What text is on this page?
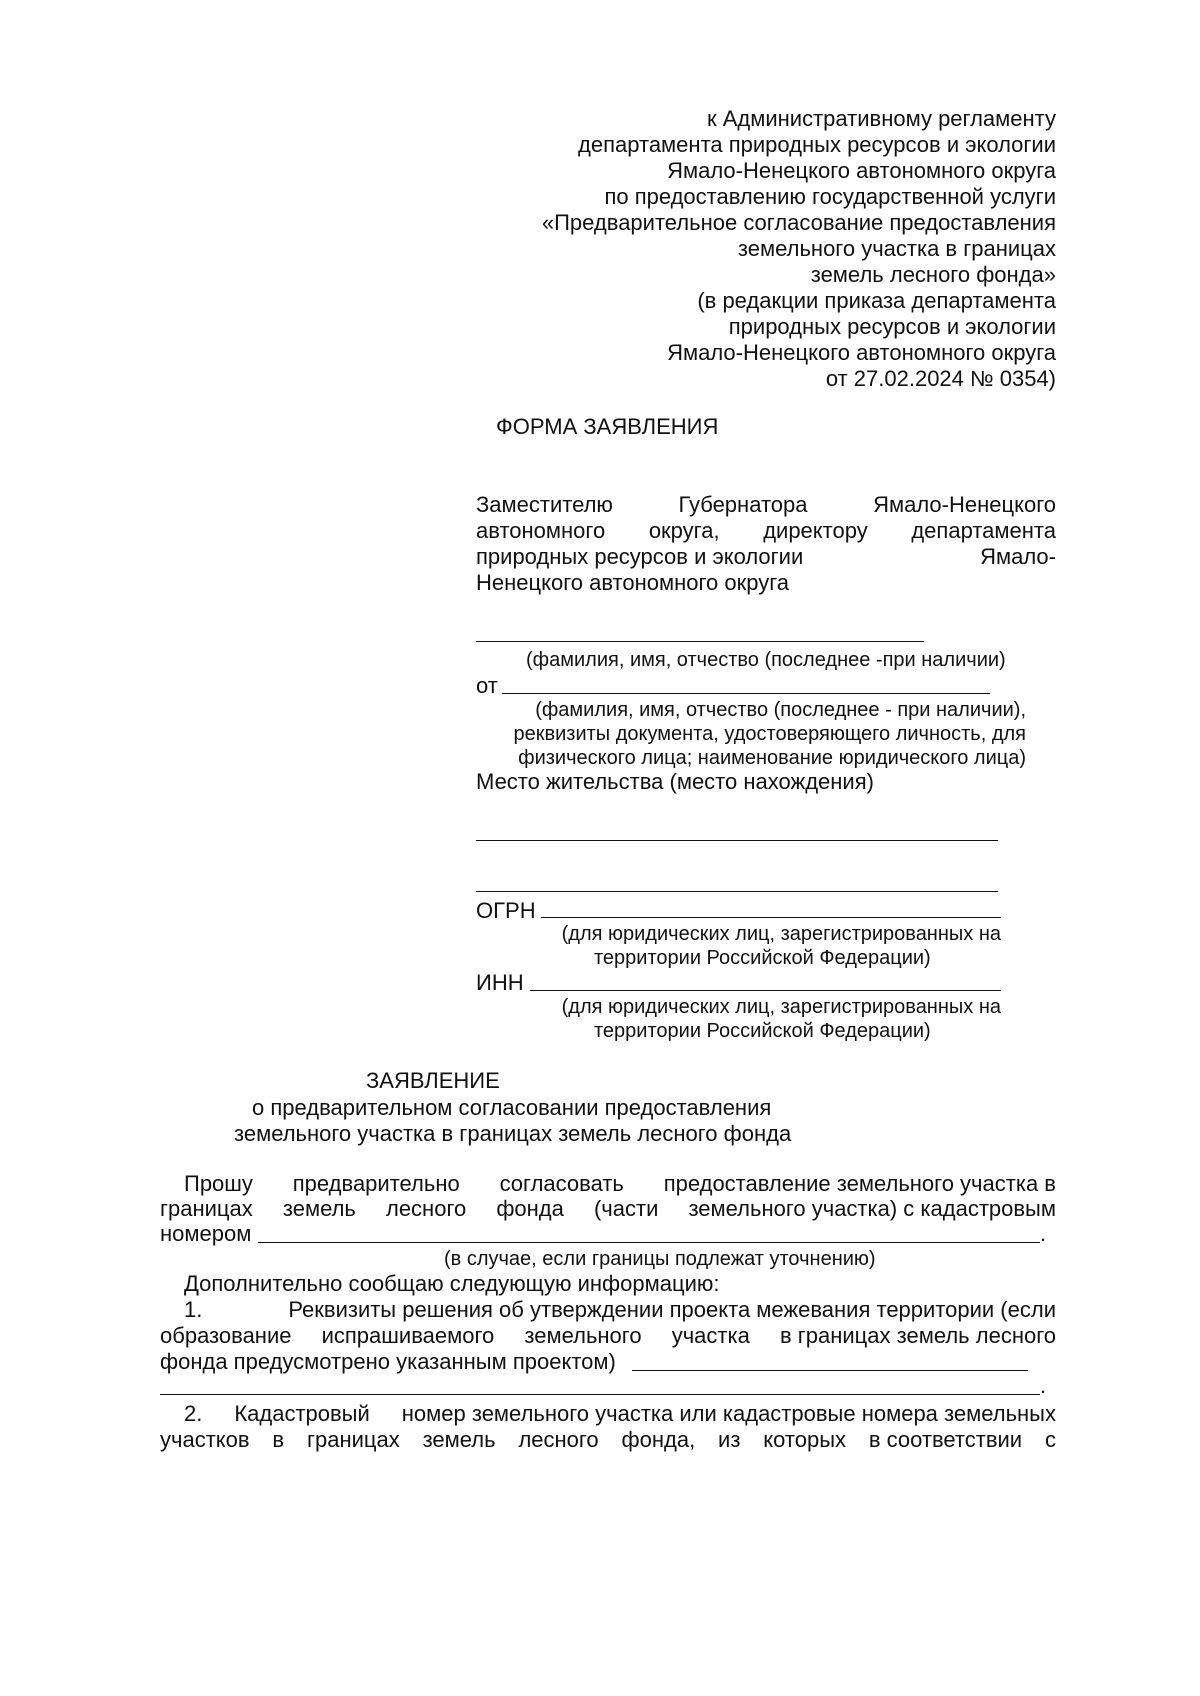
к Административному регламенту
департамента природных ресурсов и экологии
Ямало-Ненецкого автономного округа
по предоставлению государственной услуги
«Предварительное согласование предоставления
земельного участка в границах
земель лесного фонда»
(в редакции приказа департамента
природных ресурсов и экологии
Ямало-Ненецкого автономного округа
от 27.02.2024 № 0354)
ФОРМА ЗАЯВЛЕНИЯ
Заместителю	Губернатора	Ямало-Ненецкого
автономного округа, директору департамента
природных ресурсов и экологии	Ямало-
Ненецкого автономного округа
(фамилия, имя, отчество (последнее -при наличии)
от
(фамилия, имя, отчество (последнее - при наличии),
реквизиты документа, удостоверяющего личность, для
физического лица; наименование юридического лица)
Место жительства (место нахождения)
ОГРН
(для юридических лиц, зарегистрированных на
территории Российской Федерации)
ИНН
(для юридических лиц, зарегистрированных на
территории Российской Федерации)
ЗАЯВЛЕНИЕ
о предварительном согласовании предоставления
земельного участка в границах земель лесного фонда
Прошу предварительно согласовать предоставление земельного участка в
границах земель лесного фонда (части земельного участка) с кадастровым
номером	.
(в случае, если границы подлежат уточнению)
Дополнительно сообщаю следующую информацию:
1.	Реквизиты решения об утверждении проекта межевания территории (если
образование испрашиваемого земельного участка в границах земель лесного
фонда предусмотрено указанным проектом)
.
2. Кадастровый номер земельного участка или кадастровые номера земельных
участков в границах земель лесного фонда, из которых в соответствии с
